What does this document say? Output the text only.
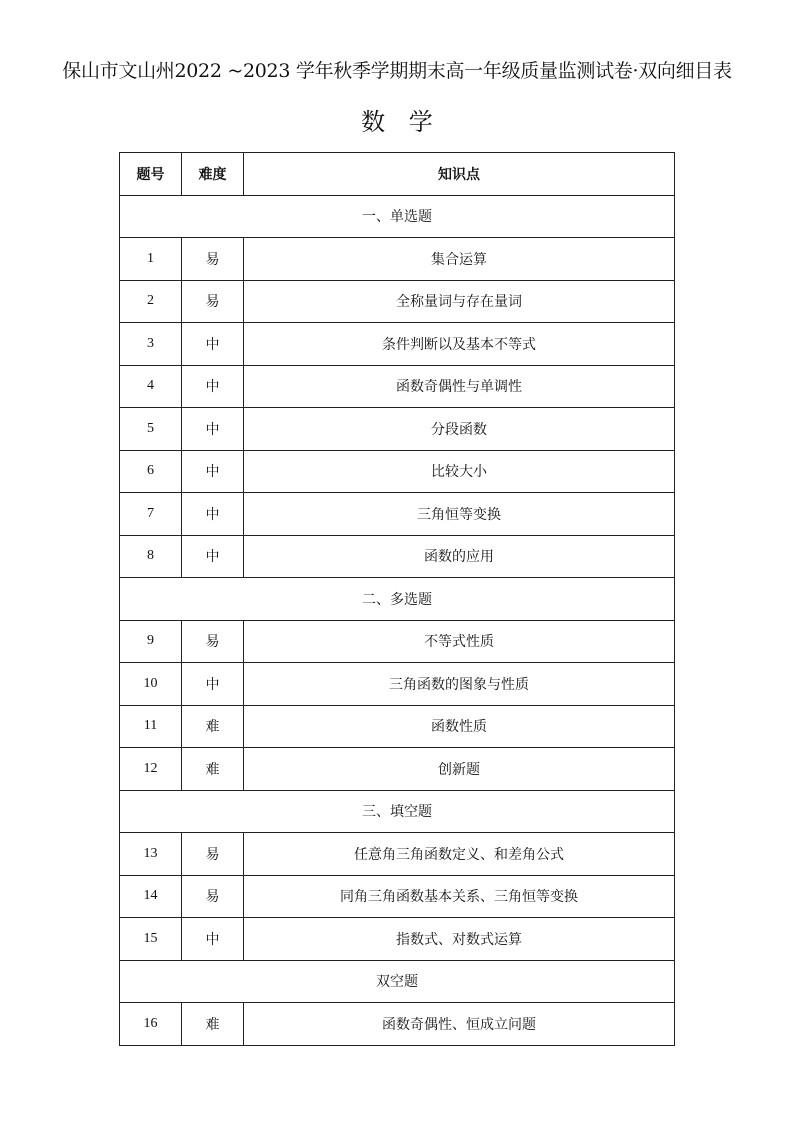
保山市文山州2022 ~2023 学年秋季学期期末高一年级质量监测试卷·双向细目表
数 学
题号	难度	知识点
一、单选题		
1	易	集合运算
2	易	全称量词与存在量词
3	中	条件判断以及基本不等式
4	中	函数奇偶性与单调性
5	中	分段函数
6	中	比较大小
7	中	三角恒等变换
8	中	函数的应用
二、多选题		
9	易	不等式性质
10	中	三角函数的图象与性质
11	难	函数性质
12	难	创新题
三、填空题		
13	易	任意角三角函数定义、和差角公式
14	易	同角三角函数基本关系、三角恒等变换
15	中	指数式、对数式运算
双空题		
16	难	函数奇偶性、恒成立问题
